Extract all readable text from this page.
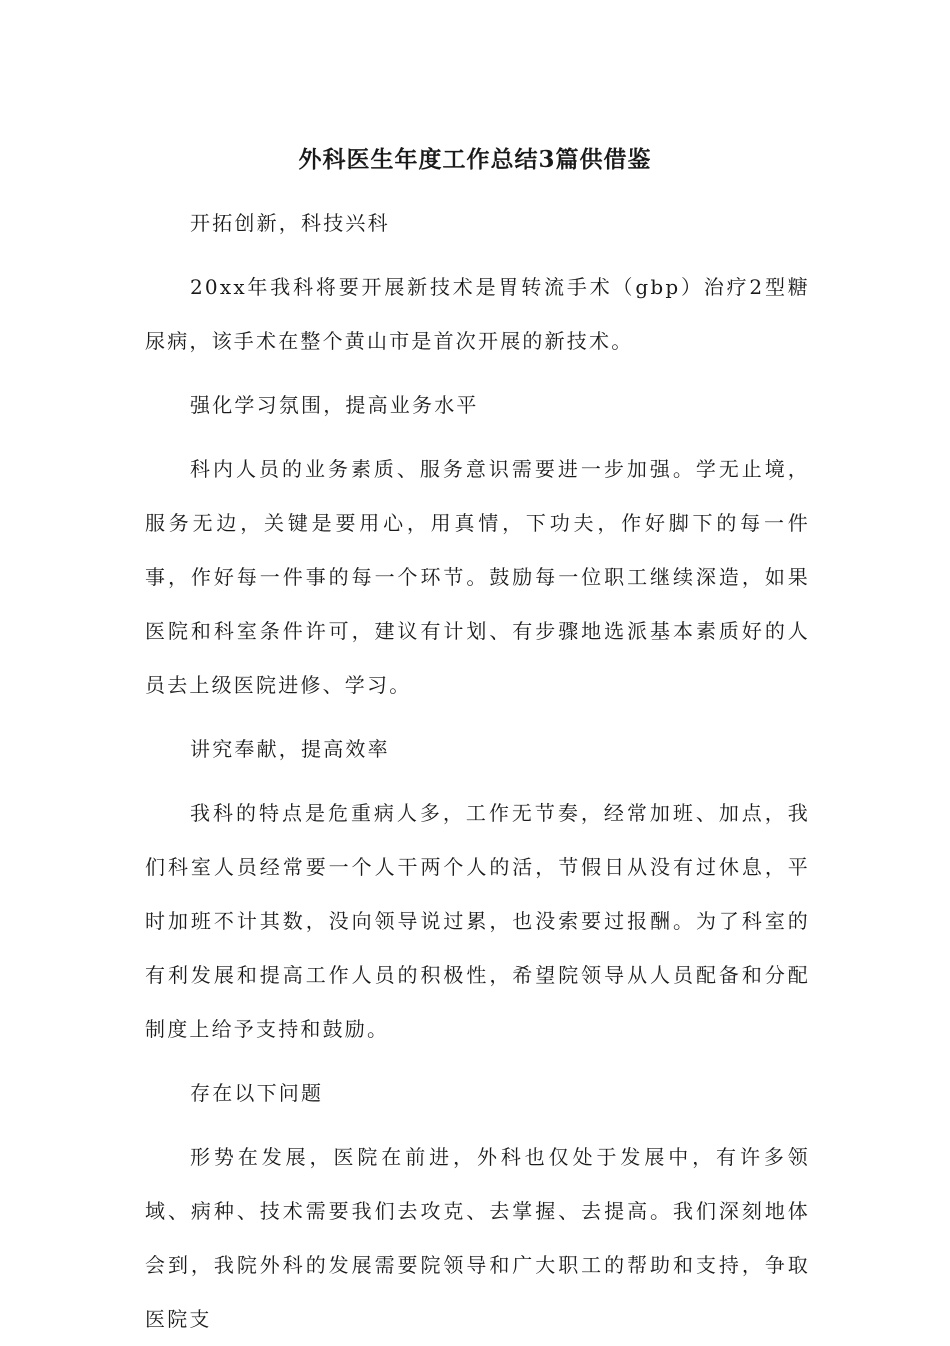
外科医生年度工作总结3篇供借鉴

开拓创新，科技兴科

20xx年我科将要开展新技术是胃转流手术（gbp）治疗2型糖尿病，该手术在整个黄山市是首次开展的新技术。

强化学习氛围，提高业务水平

科内人员的业务素质、服务意识需要进一步加强。学无止境，服务无边，关键是要用心，用真情，下功夫，作好脚下的每一件事，作好每一件事的每一个环节。鼓励每一位职工继续深造，如果医院和科室条件许可，建议有计划、有步骤地选派基本素质好的人员去上级医院进修、学习。

讲究奉献，提高效率

我科的特点是危重病人多，工作无节奏，经常加班、加点，我们科室人员经常要一个人干两个人的活，节假日从没有过休息，平时加班不计其数，没向领导说过累，也没索要过报酬。为了科室的有利发展和提高工作人员的积极性，希望院领导从人员配备和分配制度上给予支持和鼓励。

存在以下问题

形势在发展，医院在前进，外科也仅处于发展中，有许多领域、病种、技术需要我们去攻克、去掌握、去提高。我们深刻地体会到，我院外科的发展需要院领导和广大职工的帮助和支持，争取医院支
